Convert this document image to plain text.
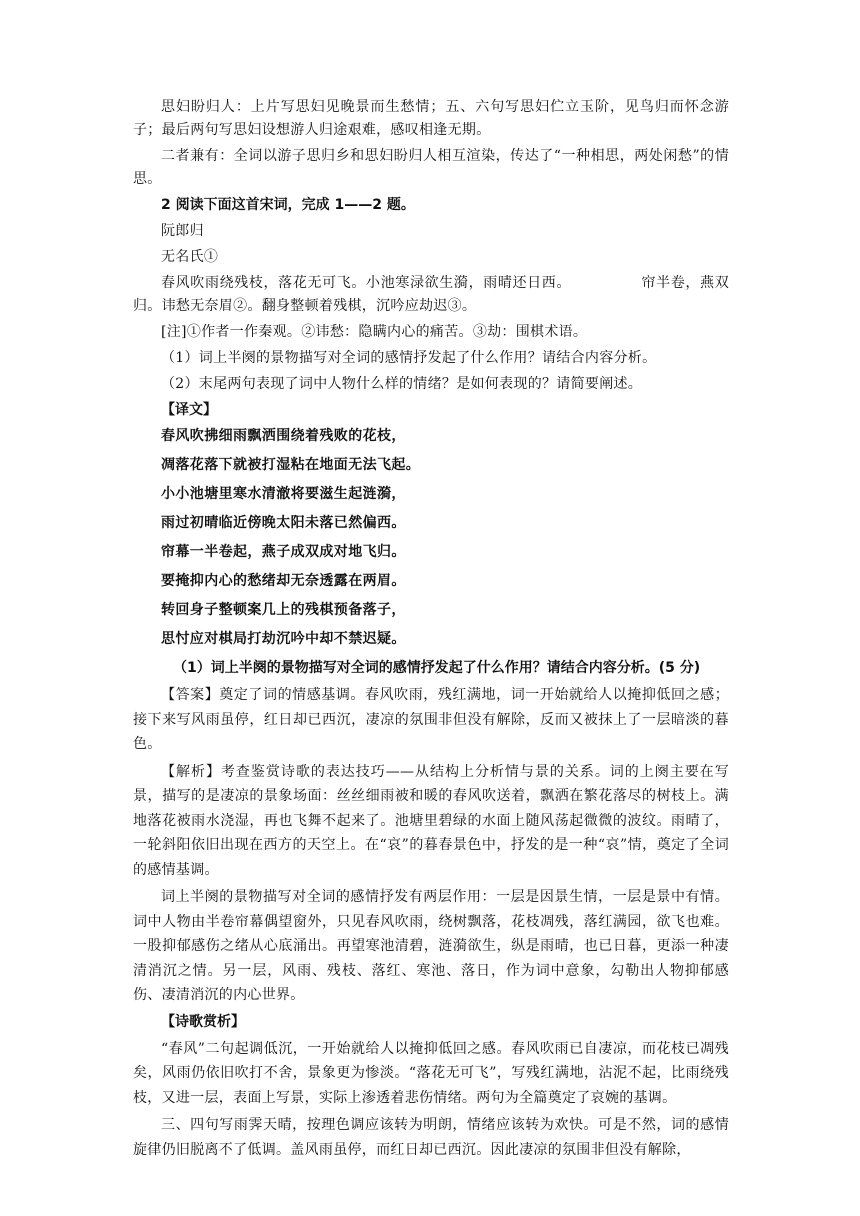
思妇盼归人：上片写思妇见晚景而生愁情；五、六句写思妇伫立玉阶，见鸟归而怀念游子；最后两句写思妇设想游人归途艰难，感叹相逢无期。

二者兼有：全词以游子思归乡和思妇盼归人相互渲染，传达了“一种相思，两处闲愁”的情思。

2 阅读下面这首宋词，完成 1——2 题。

阮郎归

无名氏①

春风吹雨绕残枝，落花无可飞。小池寒渌欲生漪，雨晴还日西。	帘半卷，燕双归。讳愁无奈眉②。翻身整顿着残棋，沉吟应劫迟③。

[注]①作者一作秦观。②讳愁：隐瞒内心的痛苦。③劫：围棋术语。

（1）词上半阕的景物描写对全词的感情抒发起了什么作用？请结合内容分析。

（2）末尾两句表现了词中人物什么样的情绪？是如何表现的？请简要阐述。

【译文】

春风吹拂细雨飘洒围绕着残败的花枝，

凋落花落下就被打湿粘在地面无法飞起。

小小池塘里寒水清澈将要滋生起涟漪，

雨过初晴临近傍晚太阳未落已然偏西。

帘幕一半卷起，燕子成双成对地飞归。

要掩抑内心的愁绪却无奈透露在两眉。

转回身子整顿案几上的残棋预备落子，

思忖应对棋局打劫沉吟中却不禁迟疑。

（1）词上半阕的景物描写对全词的感情抒发起了什么作用？请结合内容分析。(5 分)

【答案】奠定了词的情感基调。春风吹雨，残红满地，词一开始就给人以掩抑低回之感；接下来写风雨虽停，红日却已西沉，凄凉的氛围非但没有解除，反而又被抹上了一层暗淡的暮色。

【解析】考查鉴赏诗歌的表达技巧——从结构上分析情与景的关系。词的上阕主要在写景，描写的是凄凉的景象场面：丝丝细雨被和暖的春风吹送着，飘洒在繁花落尽的树枝上。满地落花被雨水浇湿，再也飞舞不起来了。池塘里碧绿的水面上随风荡起微微的波纹。雨晴了，一轮斜阳依旧出现在西方的天空上。在“哀”的暮春景色中，抒发的是一种“哀”情，奠定了全词的感情基调。

词上半阕的景物描写对全词的感情抒发有两层作用：一层是因景生情，一层是景中有情。词中人物由半卷帘幕偶望窗外，只见春风吹雨，绕树飘落，花枝凋残，落红满园，欲飞也难。一股抑郁感伤之绪从心底涌出。再望寒池清碧，涟漪欲生，纵是雨晴，也已日暮，更添一种凄清消沉之情。另一层，风雨、残枝、落红、寒池、落日，作为词中意象，勾勒出人物抑郁感伤、凄清消沉的内心世界。

【诗歌赏析】

“春风”二句起调低沉，一开始就给人以掩抑低回之感。春风吹雨已自凄凉，而花枝已凋残矣，风雨仍依旧吹打不舍，景象更为惨淡。“落花无可飞”，写残红满地，沾泥不起，比雨绕残枝，又进一层，表面上写景，实际上渗透着悲伤情绪。两句为全篇奠定了哀婉的基调。

三、四句写雨霁天晴，按理色调应该转为明朗，情绪应该转为欢快。可是不然，词的感情旋律仍旧脱离不了低调。盖风雨虽停，而红日却已西沉。因此凄凉的氛围非但没有解除，
